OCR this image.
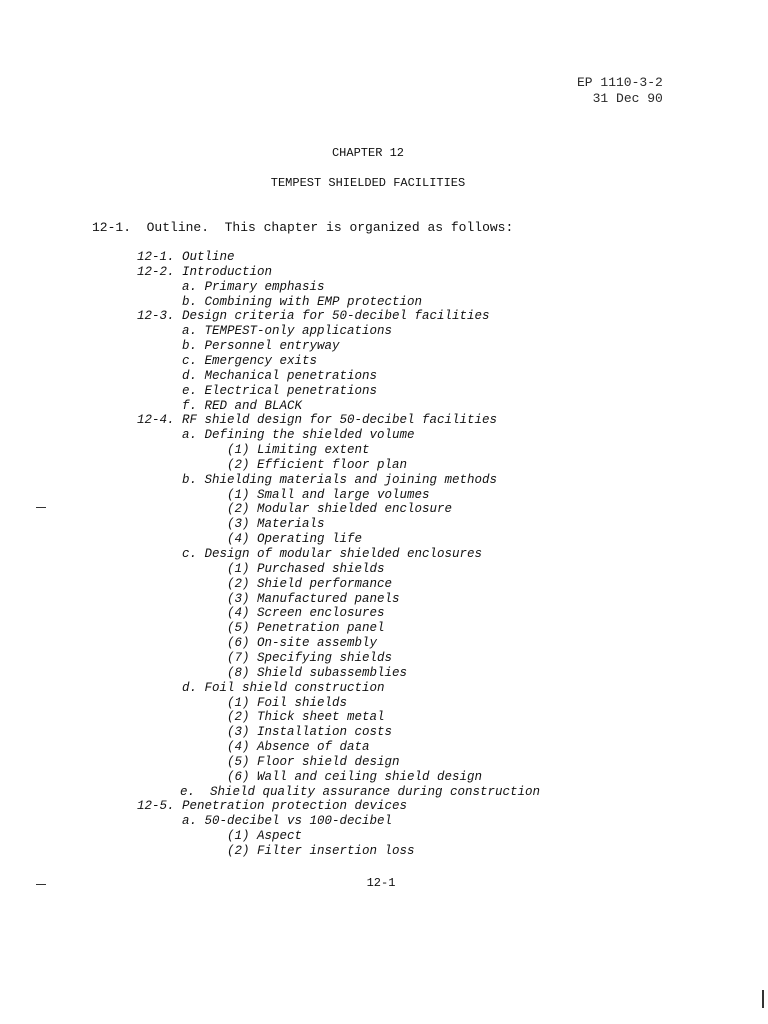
EP 1110-3-2
31 Dec 90
CHAPTER 12
TEMPEST SHIELDED FACILITIES
12-1.  Outline.  This chapter is organized as follows:
12-1. Outline
12-2. Introduction
a. Primary emphasis
b. Combining with EMP protection
12-3. Design criteria for 50-decibel facilities
a. TEMPEST-only applications
b. Personnel entryway
c. Emergency exits
d. Mechanical penetrations
e. Electrical penetrations
f. RED and BLACK
12-4. RF shield design for 50-decibel facilities
a. Defining the shielded volume
(1) Limiting extent
(2) Efficient floor plan
b. Shielding materials and joining methods
(1) Small and large volumes
(2) Modular shielded enclosure
(3) Materials
(4) Operating life
c. Design of modular shielded enclosures
(1) Purchased shields
(2) Shield performance
(3) Manufactured panels
(4) Screen enclosures
(5) Penetration panel
(6) On-site assembly
(7) Specifying shields
(8) Shield subassemblies
d. Foil shield construction
(1) Foil shields
(2) Thick sheet metal
(3) Installation costs
(4) Absence of data
(5) Floor shield design
(6) Wall and ceiling shield design
e.  Shield quality assurance during construction
12-5. Penetration protection devices
a. 50-decibel vs 100-decibel
(1) Aspect
(2) Filter insertion loss
12-1
